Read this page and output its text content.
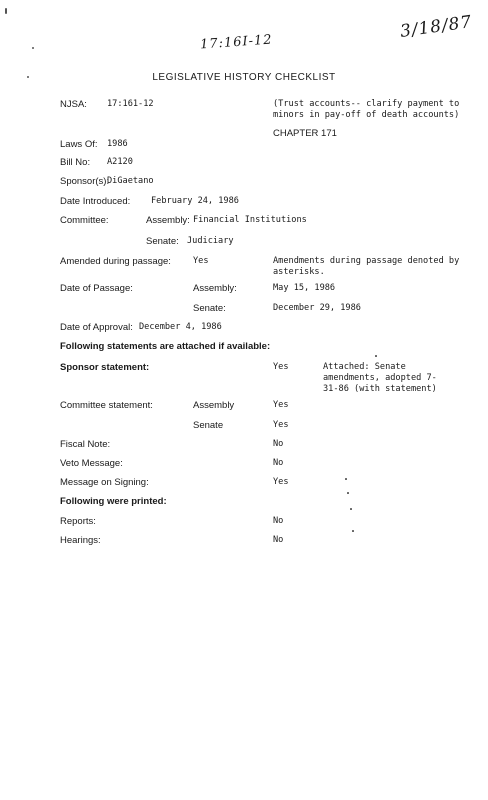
17:16I-12
3/18/87
LEGISLATIVE HISTORY CHECKLIST
NJSA: 17:161-12	(Trust accounts-- clarify payment to minors in pay-off of death accounts)
CHAPTER 171
Laws Of: 1986
Bill No: A2120
Sponsor(s):
DiGaetano
Date Introduced: February 24, 1986
Committee:	Assembly: Financial Institutions
Senate: Judiciary
Amended during passage:	Yes	Amendments during passage denoted by asterisks.
Date of Passage:	Assembly:	May 15, 1986
Senate:	December 29, 1986
Date of Approval: December 4, 1986
Following statements are attached if available:
Sponsor statement:	Yes	Attached: Senate amendments, adopted 7-31-86 (with statement)
Committee statement:	Assembly	Yes
Senate	Yes
Fiscal Note:	No
Veto Message:	No
Message on Signing:	Yes
Following were printed:
Reports:	No
Hearings:	No
